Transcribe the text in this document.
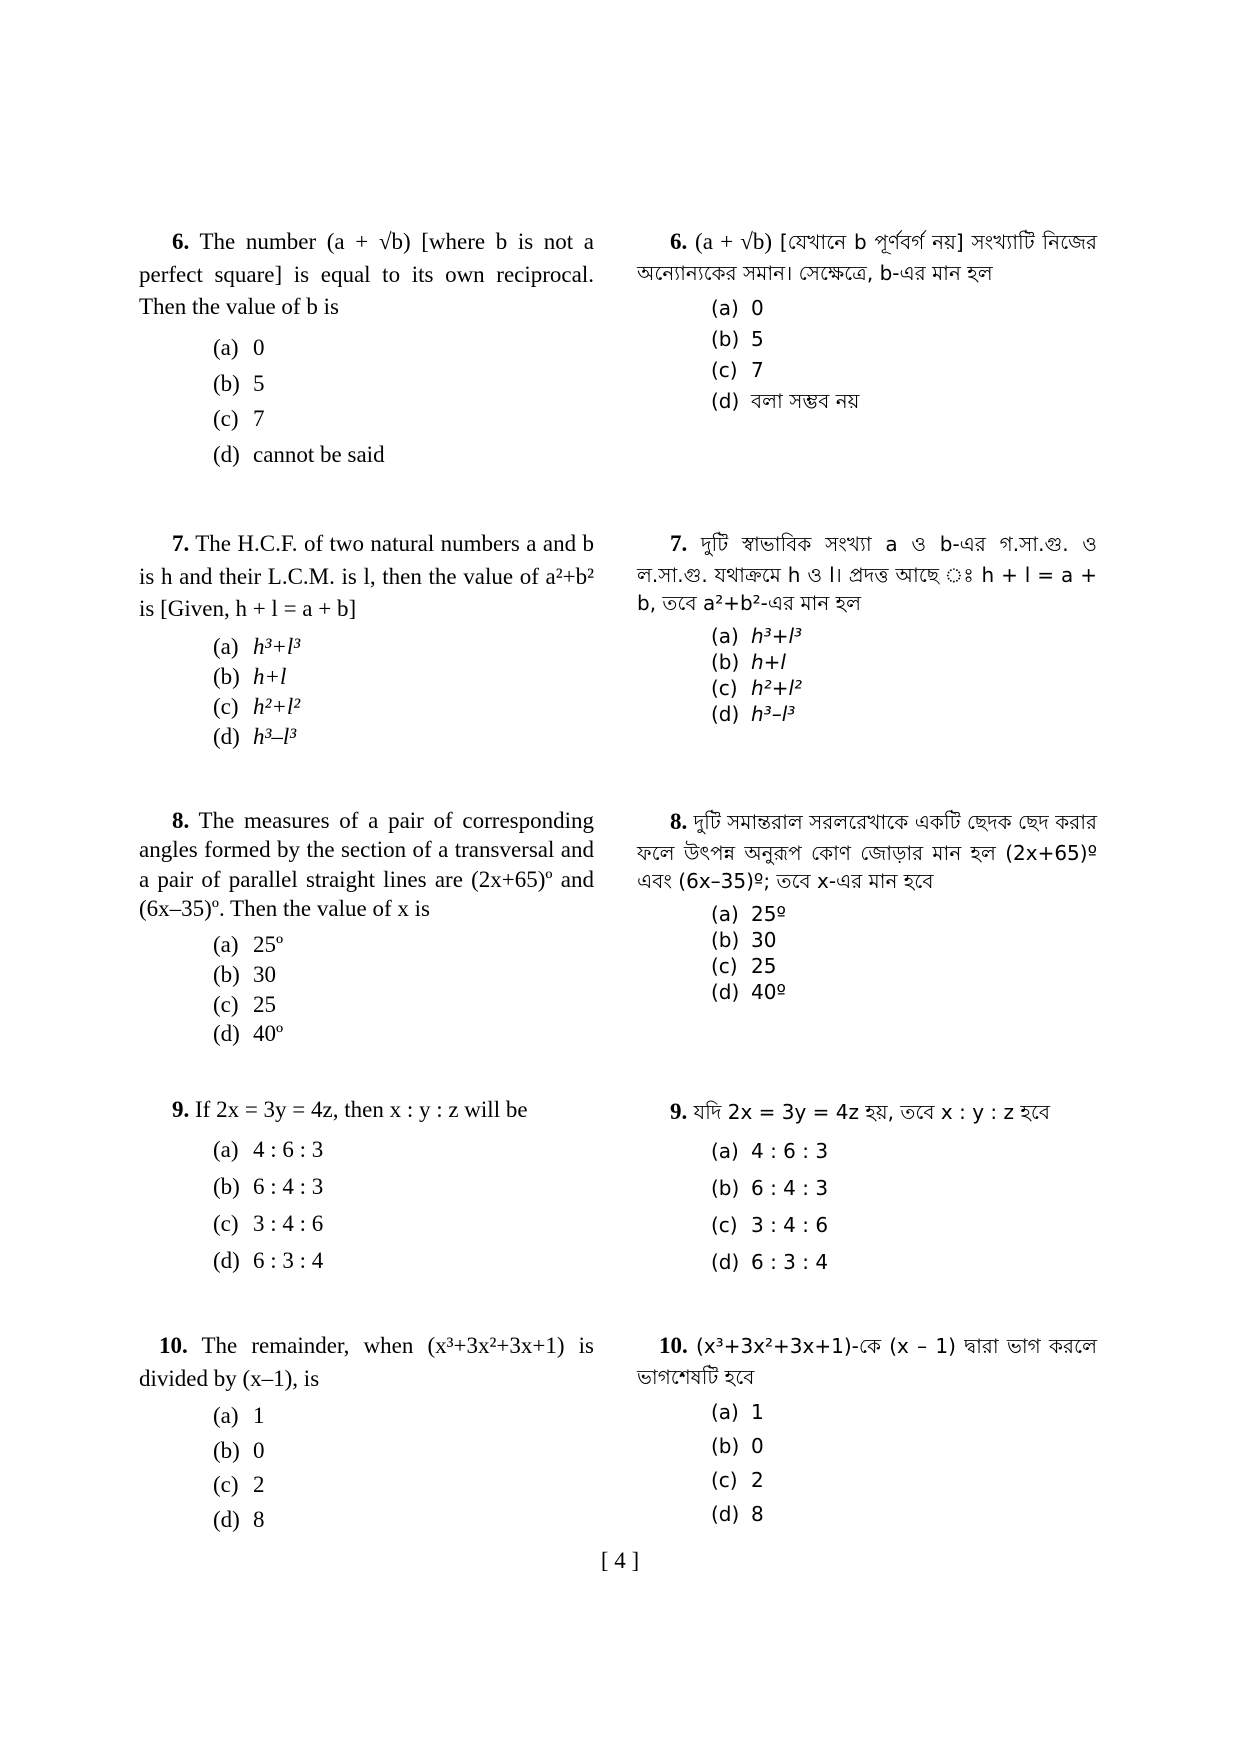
6. The number (a + √b) [where b is not a perfect square] is equal to its own reciprocal. Then the value of b is

(a) 0
(b) 5
(c) 7
(d) cannot be said

6. (a + √b) [যেখানে b পূর্ণবর্গ নয়] সংখ্যাটি নিজের অন্যোন্যকের সমান। সেক্ষেত্রে, b-এর মান হল

(a) 0
(b) 5
(c) 7
(d) বলা সম্ভব নয়

7. The H.C.F. of two natural numbers a and b is h and their L.C.M. is l, then the value of a²+b² is [Given, h + l = a + b]

(a) h³+l³
(b) h+l
(c) h²+l²
(d) h³–l³

7. দুটি স্বাভাবিক সংখ্যা a ও b-এর গ.সা.গু. ও ল.সা.গু. যথাক্রমে h ও l। প্রদত্ত আছে ঃ h + l = a + b, তবে a²+b²-এর মান হল

(a) h³+l³
(b) h+l
(c) h²+l²
(d) h³–l³

8. The measures of a pair of corresponding angles formed by the section of a transversal and a pair of parallel straight lines are (2x+65)º and (6x–35)º. Then the value of x is

(a) 25º
(b) 30
(c) 25
(d) 40º

8. দুটি সমান্তরাল সরলরেখাকে একটি ছেদক ছেদ করার ফলে উৎপন্ন অনুরূপ কোণ জোড়ার মান হল (2x+65)º এবং (6x–35)º; তবে x-এর মান হবে

(a) 25º
(b) 30
(c) 25
(d) 40º

9. If 2x = 3y = 4z, then x : y : z will be

(a) 4 : 6 : 3
(b) 6 : 4 : 3
(c) 3 : 4 : 6
(d) 6 : 3 : 4

9. যদি 2x = 3y = 4z হয়, তবে x : y : z হবে

(a) 4 : 6 : 3
(b) 6 : 4 : 3
(c) 3 : 4 : 6
(d) 6 : 3 : 4

10. The remainder, when (x³+3x²+3x+1) is divided by (x–1), is

(a) 1
(b) 0
(c) 2
(d) 8

10. (x³+3x²+3x+1)-কে (x – 1) দ্বারা ভাগ করলে ভাগশেষটি হবে

(a) 1
(b) 0
(c) 2
(d) 8
[ 4 ]
